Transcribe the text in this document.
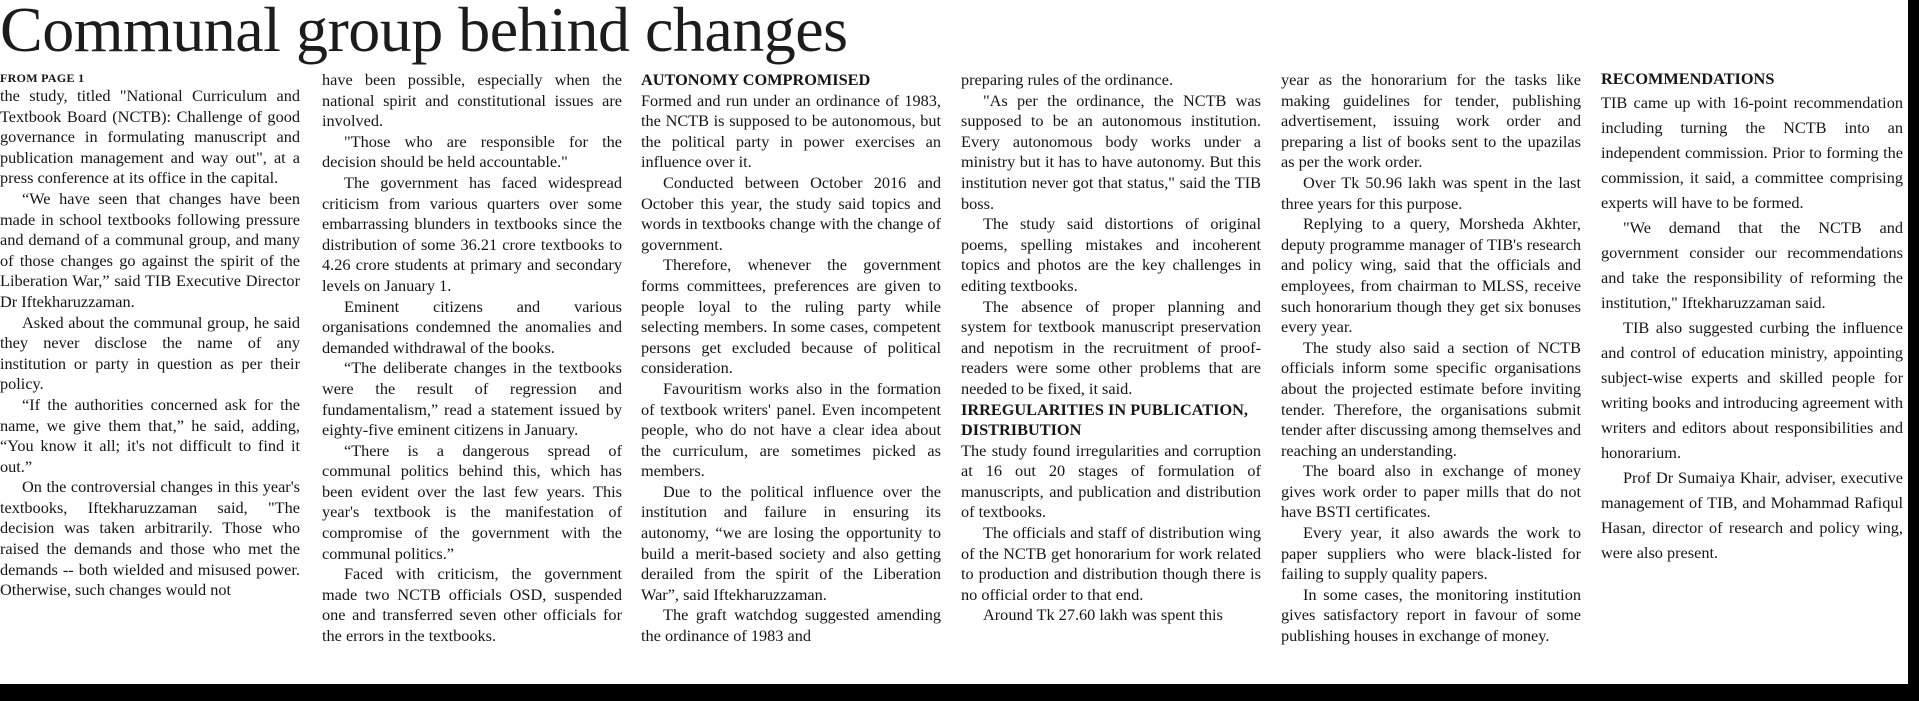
Communal group behind changes

FROM PAGE 1

the study, titled "National Curriculum and Textbook Board (NCTB): Challenge of good governance in formulating manuscript and publication management and way out", at a press conference at its office in the capital.

“We have seen that changes have been made in school textbooks following pressure and demand of a communal group, and many of those changes go against the spirit of the Liberation War,” said TIB Executive Director Dr Iftekharuzzaman.

Asked about the communal group, he said they never disclose the name of any institution or party in question as per their policy.

“If the authorities concerned ask for the name, we give them that,” he said, adding, “You know it all; it's not difficult to find it out.”

On the controversial changes in this year's textbooks, Iftekharuzzaman said, "The decision was taken arbitrarily. Those who raised the demands and those who met the demands -- both wielded and misused power. Otherwise, such changes would not

have been possible, especially when the national spirit and constitutional issues are involved.

"Those who are responsible for the decision should be held accountable."

The government has faced widespread criticism from various quarters over some embarrassing blunders in textbooks since the distribution of some 36.21 crore textbooks to 4.26 crore students at primary and secondary levels on January 1.

Eminent citizens and various organisations condemned the anomalies and demanded withdrawal of the books.

“The deliberate changes in the textbooks were the result of regression and fundamentalism,” read a statement issued by eighty-five eminent citizens in January.

“There is a dangerous spread of communal politics behind this, which has been evident over the last few years. This year's textbook is the manifestation of compromise of the government with the communal politics.”

Faced with criticism, the government made two NCTB officials OSD, suspended one and transferred seven other officials for the errors in the textbooks.

AUTONOMY COMPROMISED

Formed and run under an ordinance of 1983, the NCTB is supposed to be autonomous, but the political party in power exercises an influence over it.

Conducted between October 2016 and October this year, the study said topics and words in textbooks change with the change of government.

Therefore, whenever the government forms committees, preferences are given to people loyal to the ruling party while selecting members. In some cases, competent persons get excluded because of political consideration.

Favouritism works also in the formation of textbook writers' panel. Even incompetent people, who do not have a clear idea about the curriculum, are sometimes picked as members.

Due to the political influence over the institution and failure in ensuring its autonomy, “we are losing the opportunity to build a merit-based society and also getting derailed from the spirit of the Liberation War”, said Iftekharuzzaman.

The graft watchdog suggested amending the ordinance of 1983 and

preparing rules of the ordinance.

"As per the ordinance, the NCTB was supposed to be an autonomous institution. Every autonomous body works under a ministry but it has to have autonomy. But this institution never got that status," said the TIB boss.

The study said distortions of original poems, spelling mistakes and incoherent topics and photos are the key challenges in editing textbooks.

The absence of proper planning and system for textbook manuscript preservation and nepotism in the recruitment of proof-readers were some other problems that are needed to be fixed, it said.

IRREGULARITIES IN PUBLICATION, DISTRIBUTION

The study found irregularities and corruption at 16 out 20 stages of formulation of manuscripts, and publication and distribution of textbooks.

The officials and staff of distribution wing of the NCTB get honorarium for work related to production and distribution though there is no official order to that end.

Around Tk 27.60 lakh was spent this

year as the honorarium for the tasks like making guidelines for tender, publishing advertisement, issuing work order and preparing a list of books sent to the upazilas as per the work order.

Over Tk 50.96 lakh was spent in the last three years for this purpose.

Replying to a query, Morsheda Akhter, deputy programme manager of TIB's research and policy wing, said that the officials and employees, from chairman to MLSS, receive such honorarium though they get six bonuses every year.

The study also said a section of NCTB officials inform some specific organisations about the projected estimate before inviting tender. Therefore, the organisations submit tender after discussing among themselves and reaching an understanding.

The board also in exchange of money gives work order to paper mills that do not have BSTI certificates.

Every year, it also awards the work to paper suppliers who were black-listed for failing to supply quality papers.

In some cases, the monitoring institution gives satisfactory report in favour of some publishing houses in exchange of money.

RECOMMENDATIONS

TIB came up with 16-point recommendation including turning the NCTB into an independent commission. Prior to forming the commission, it said, a committee comprising experts will have to be formed.

"We demand that the NCTB and government consider our recommendations and take the responsibility of reforming the institution," Iftekharuzzaman said.

TIB also suggested curbing the influence and control of education ministry, appointing subject-wise experts and skilled people for writing books and introducing agreement with writers and editors about responsibilities and honorarium.

Prof Dr Sumaiya Khair, adviser, executive management of TIB, and Mohammad Rafiqul Hasan, director of research and policy wing, were also present.
